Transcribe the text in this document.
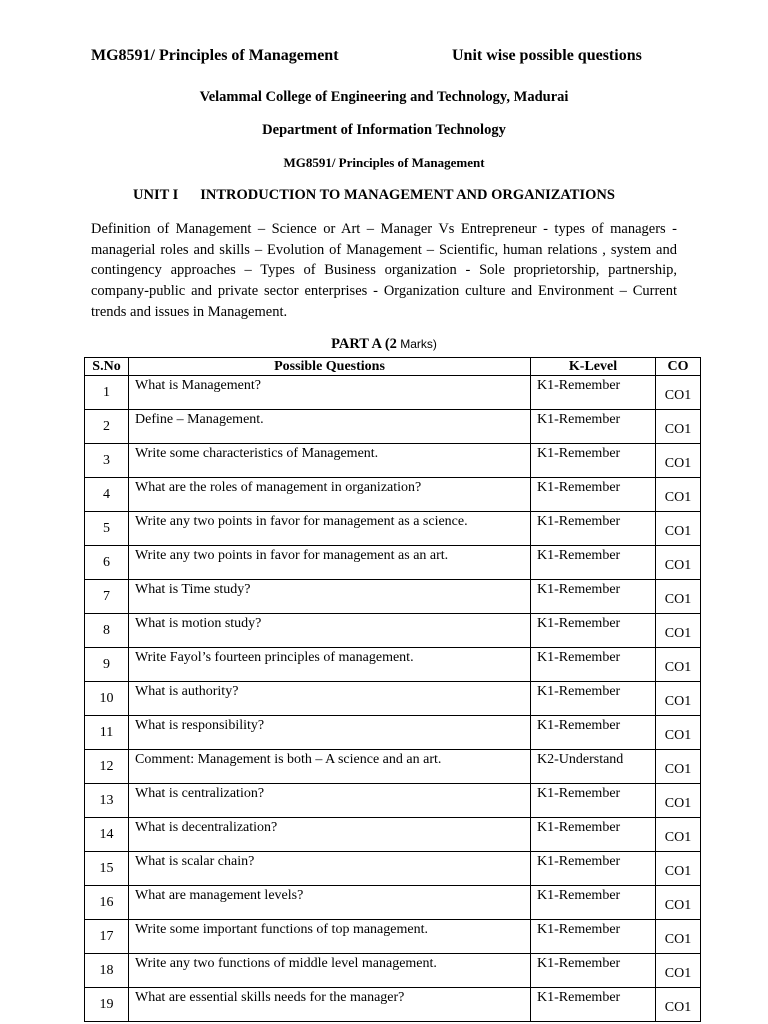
MG8591/ Principles of Management	Unit wise possible questions
Velammal College of Engineering and Technology, Madurai
Department of Information Technology
MG8591/ Principles of Management
UNIT I INTRODUCTION TO MANAGEMENT AND ORGANIZATIONS
Definition of Management – Science or Art – Manager Vs Entrepreneur - types of managers - managerial roles and skills – Evolution of Management – Scientific, human relations , system and contingency approaches – Types of Business organization - Sole proprietorship, partnership, company-public and private sector enterprises - Organization culture and Environment – Current trends and issues in Management.
PART A (2 Marks)
S.No	Possible Questions	K-Level	CO
1	What is Management?	K1-Remember	CO1
2	Define – Management.	K1-Remember	CO1
3	Write some characteristics of Management.	K1-Remember	CO1
4	What are the roles of management in organization?	K1-Remember	CO1
5	Write any two points in favor for management as a science.	K1-Remember	CO1
6	Write any two points in favor for management as an art.	K1-Remember	CO1
7	What is Time study?	K1-Remember	CO1
8	What is motion study?	K1-Remember	CO1
9	Write Fayol’s fourteen principles of management.	K1-Remember	CO1
10	What is authority?	K1-Remember	CO1
11	What is responsibility?	K1-Remember	CO1
12	Comment: Management is both – A science and an art.	K2-Understand	CO1
13	What is centralization?	K1-Remember	CO1
14	What is decentralization?	K1-Remember	CO1
15	What is scalar chain?	K1-Remember	CO1
16	What are management levels?	K1-Remember	CO1
17	Write some important functions of top management.	K1-Remember	CO1
18	Write any two functions of middle level management.	K1-Remember	CO1
19	What are essential skills needs for the manager?	K1-Remember	CO1
